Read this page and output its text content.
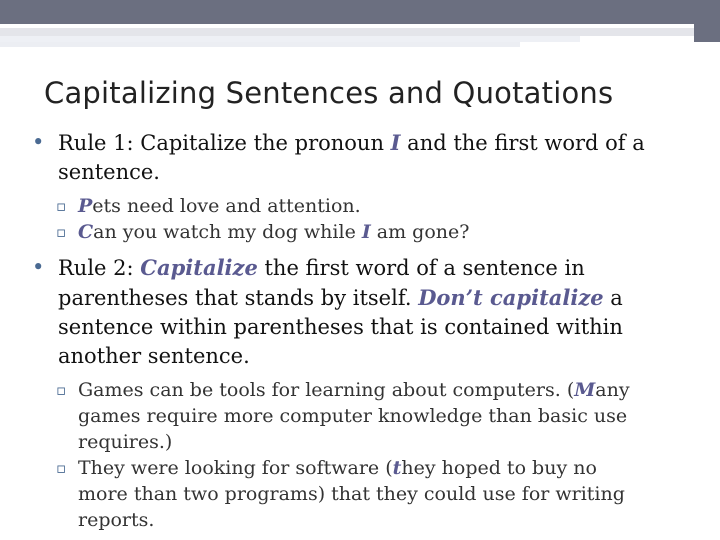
Capitalizing Sentences and Quotations
• Rule 1: Capitalize the pronoun I and the first word of a
sentence.
▫ Pets need love and attention.
▫ Can you watch my dog while I am gone?
• Rule 2: Capitalize the first word of a sentence in
parentheses that stands by itself. Don’t capitalize a
sentence within parentheses that is contained within
another sentence.
▫ Games can be tools for learning about computers. (Many
games require more computer knowledge than basic use
requires.)
▫ They were looking for software (they hoped to buy no
more than two programs) that they could use for writing
reports.
